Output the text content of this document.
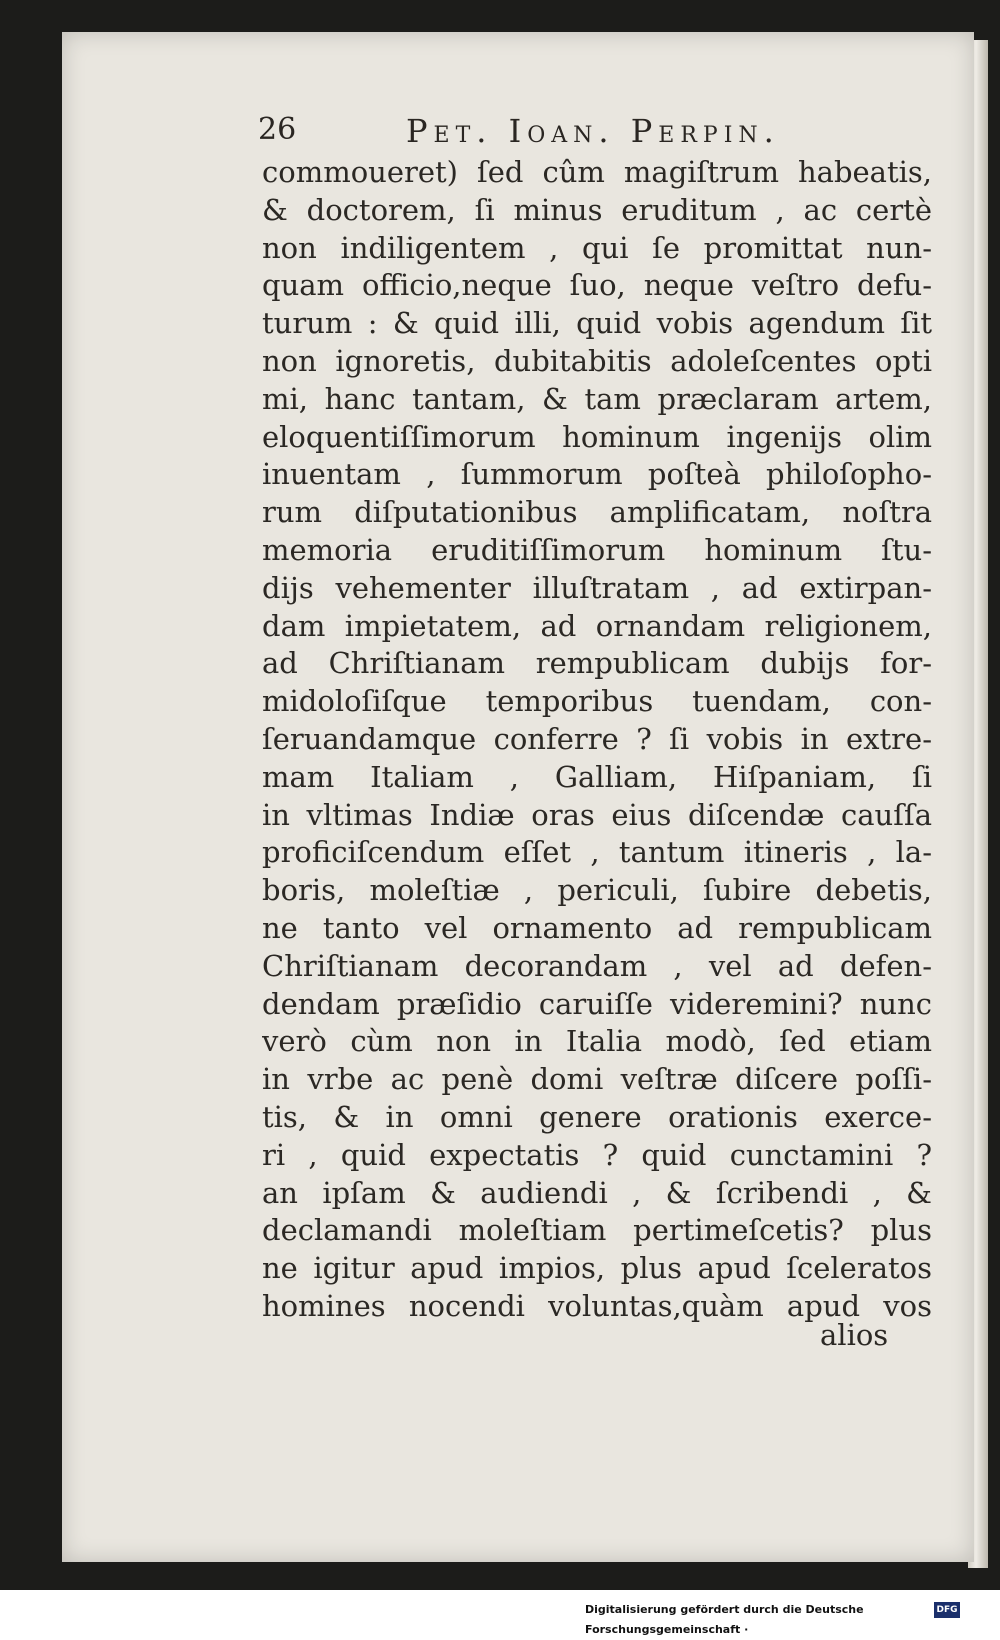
26	Pet. Ioan. Perpin.
commoueret) ſed cûm magiſtrum habeatis,
& doctorem, ſi minus eruditum , ac certè
non indiligentem , qui ſe promittat nun-
quam officio,neque ſuo, neque veſtro defu-
turum : & quid illi, quid vobis agendum ſit
non ignoretis, dubitabitis adoleſcentes opti
mi, hanc tantam, & tam præclaram artem,
eloquentiſſimorum hominum ingenijs olim
inuentam , ſummorum poſteà philoſopho-
rum diſputationibus amplificatam, noſtra
memoria eruditiſſimorum hominum ſtu-
dijs vehementer illuſtratam , ad extirpan-
dam impietatem, ad ornandam religionem,
ad Chriſtianam rempublicam dubijs for-
midoloſiſque temporibus tuendam, con-
ſeruandamque conferre ? ſi vobis in extre-
mam Italiam , Galliam, Hiſpaniam, ſi
in vltimas Indiæ oras eius diſcendæ cauſſa
proficiſcendum eſſet , tantum itineris , la-
boris, moleſtiæ , periculi, ſubire debetis,
ne tanto vel ornamento ad rempublicam
Chriſtianam decorandam , vel ad defen-
dendam præſidio caruiſſe videremini? nunc
verò cùm non in Italia modò, ſed etiam
in vrbe ac penè domi veſtræ diſcere poſſi-
tis, & in omni genere orationis exerce-
ri , quid expectatis ? quid cunctamini ?
an ipſam & audiendi , & ſcribendi , &
declamandi moleſtiam pertimeſcetis? plus
ne igitur apud impios, plus apud ſceleratos
homines nocendi voluntas,quàm apud vos
alios
Digitalisierung gefördert durch die Deutsche Forschungsgemeinschaft ·
DFG
